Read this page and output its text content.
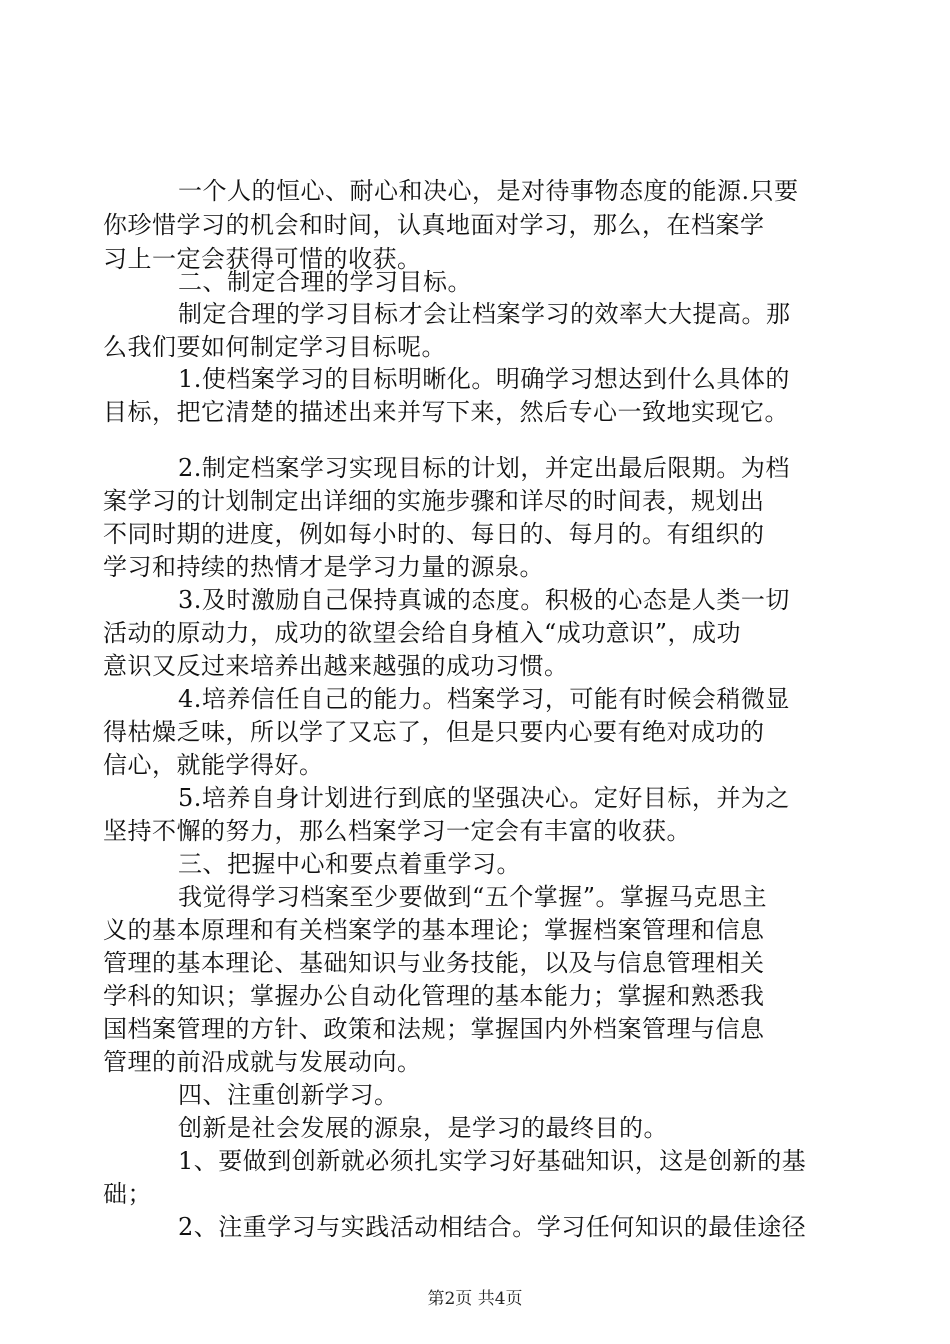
一个人的恒心、耐心和决心，是对待事物态度的能源.只要
你珍惜学习的机会和时间，认真地面对学习，那么，在档案学
习上一定会获得可惜的收获。
二、制定合理的学习目标。
制定合理的学习目标才会让档案学习的效率大大提高。那
么我们要如何制定学习目标呢。
1.使档案学习的目标明晰化。明确学习想达到什么具体的
目标，把它清楚的描述出来并写下来，然后专心一致地实现它。
2.制定档案学习实现目标的计划，并定出最后限期。为档
案学习的计划制定出详细的实施步骤和详尽的时间表，规划出
不同时期的进度，例如每小时的、每日的、每月的。有组织的
学习和持续的热情才是学习力量的源泉。
3.及时激励自己保持真诚的态度。积极的心态是人类一切
活动的原动力，成功的欲望会给自身植入“成功意识”，成功
意识又反过来培养出越来越强的成功习惯。
4.培养信任自己的能力。档案学习，可能有时候会稍微显
得枯燥乏味，所以学了又忘了，但是只要内心要有绝对成功的
信心，就能学得好。
5.培养自身计划进行到底的坚强决心。定好目标，并为之
坚持不懈的努力，那么档案学习一定会有丰富的收获。
三、把握中心和要点着重学习。
我觉得学习档案至少要做到“五个掌握”。掌握马克思主
义的基本原理和有关档案学的基本理论；掌握档案管理和信息
管理的基本理论、基础知识与业务技能，以及与信息管理相关
学科的知识；掌握办公自动化管理的基本能力；掌握和熟悉我
国档案管理的方针、政策和法规；掌握国内外档案管理与信息
管理的前沿成就与发展动向。
四、注重创新学习。
创新是社会发展的源泉，是学习的最终目的。
1、要做到创新就必须扎实学习好基础知识，这是创新的基
础；
2、注重学习与实践活动相结合。学习任何知识的最佳途径
第2页 共4页
